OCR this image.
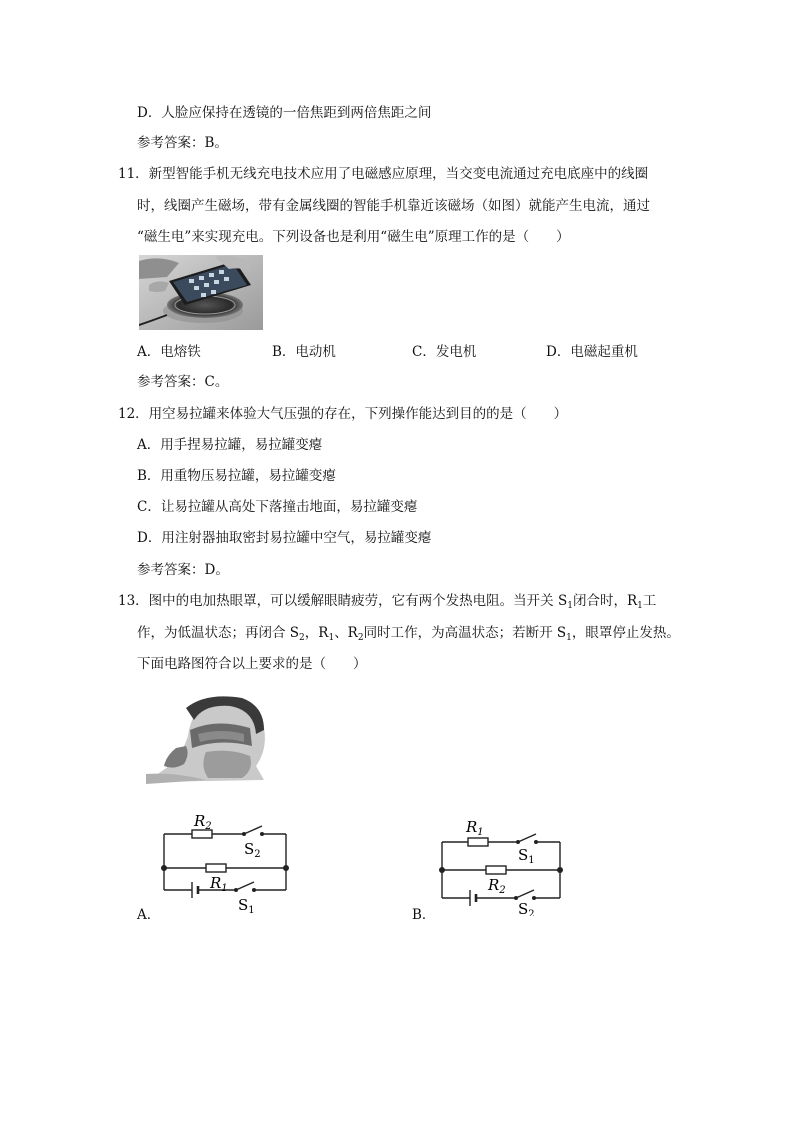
D．人脸应保持在透镜的一倍焦距到两倍焦距之间
参考答案：B。
11．新型智能手机无线充电技术应用了电磁感应原理，当交变电流通过充电底座中的线圈
时，线圈产生磁场，带有金属线圈的智能手机靠近该磁场（如图）就能产生电流，通过
“磁生电”来实现充电。下列设备也是利用“磁生电”原理工作的是（　　）
A．电熔铁	B．电动机	C．发电机	D．电磁起重机
参考答案：C。
12．用空易拉罐来体验大气压强的存在，下列操作能达到目的的是（　　）
A．用手捏易拉罐，易拉罐变瘪
B．用重物压易拉罐，易拉罐变瘪
C．让易拉罐从高处下落撞击地面，易拉罐变瘪
D．用注射器抽取密封易拉罐中空气，易拉罐变瘪
参考答案：D。
13．图中的电加热眼罩，可以缓解眼睛疲劳，它有两个发热电阻。当开关 $S_1$闭合时，$R_1$工
作，为低温状态；再闭合 $S_2$，$R_1$、$R_2$同时工作，为高温状态；若断开 $S_1$，眼罩停止发热。
下面电路图符合以上要求的是（　　）
$R_2$
$S_2$
$R_1$
$S_1$
A．
$R_1$
$S_1$
$R_2$
$S_2$
B．
